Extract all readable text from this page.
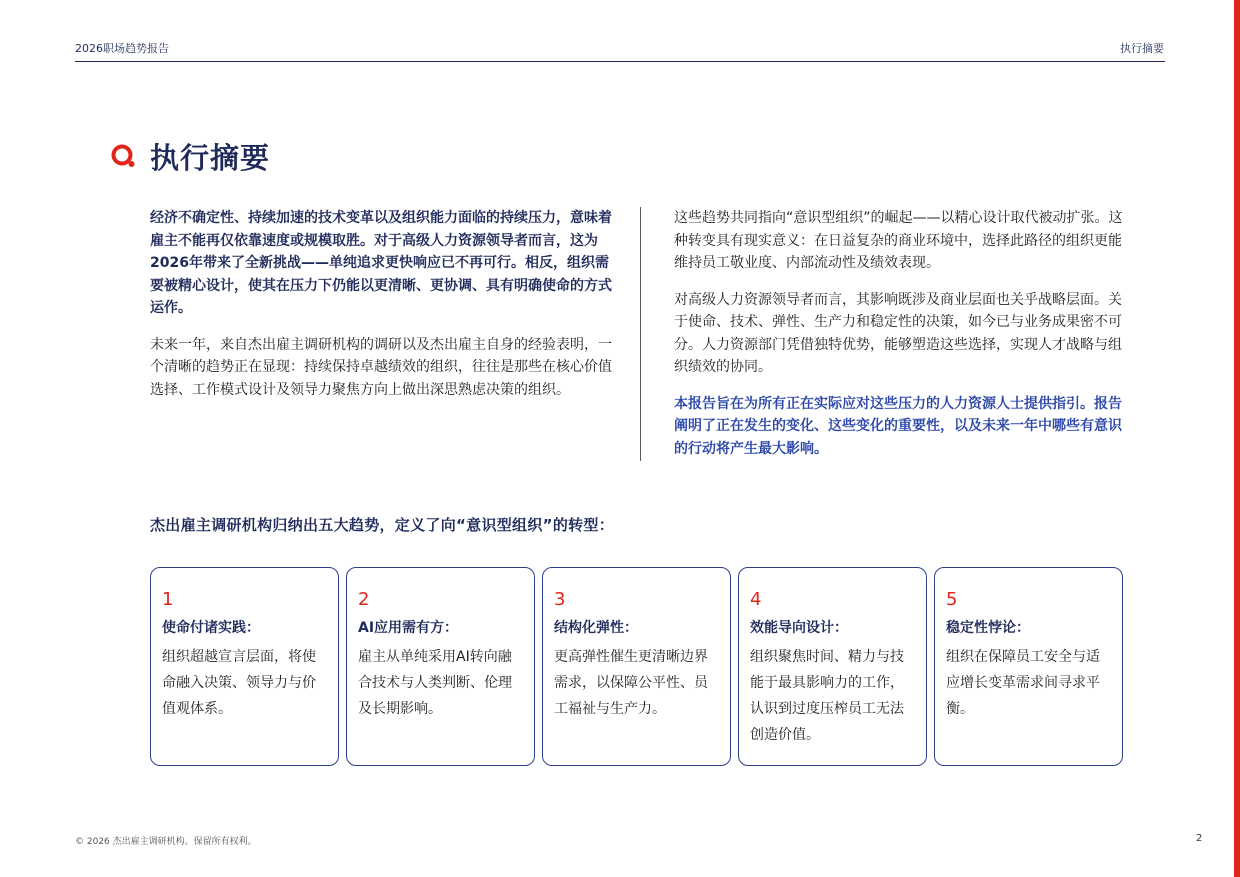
2026职场趋势报告	执行摘要
执行摘要

经济不确定性、持续加速的技术变革以及组织能力面临的持续压力，意味着雇主不能再仅依靠速度或规模取胜。对于高级人力资源领导者而言，这为2026年带来了全新挑战——单纯追求更快响应已不再可行。相反，组织需要被精心设计，使其在压力下仍能以更清晰、更协调、具有明确使命的方式运作。

未来一年，来自杰出雇主调研机构的调研以及杰出雇主自身的经验表明，一个清晰的趋势正在显现：持续保持卓越绩效的组织，往往是那些在核心价值选择、工作模式设计及领导力聚焦方向上做出深思熟虑决策的组织。

这些趋势共同指向“意识型组织”的崛起——以精心设计取代被动扩张。这种转变具有现实意义：在日益复杂的商业环境中，选择此路径的组织更能维持员工敬业度、内部流动性及绩效表现。

对高级人力资源领导者而言，其影响既涉及商业层面也关乎战略层面。关于使命、技术、弹性、生产力和稳定性的决策，如今已与业务成果密不可分。人力资源部门凭借独特优势，能够塑造这些选择，实现人才战略与组织绩效的协同。

本报告旨在为所有正在实际应对这些压力的人力资源人士提供指引。报告阐明了正在发生的变化、这些变化的重要性，以及未来一年中哪些有意识的行动将产生最大影响。

杰出雇主调研机构归纳出五大趋势，定义了向“意识型组织”的转型：
1
使命付诸实践：
组织超越宣言层面，将使命融入决策、领导力与价值观体系。
2
AI应用需有方：
雇主从单纯采用AI转向融合技术与人类判断、伦理及长期影响。
3
结构化弹性：
更高弹性催生更清晰边界需求，以保障公平性、员工福祉与生产力。
4
效能导向设计：
组织聚焦时间、精力与技能于最具影响力的工作，认识到过度压榨员工无法创造价值。
5
稳定性悖论：
组织在保障员工安全与适应增长变革需求间寻求平衡。
© 2026 杰出雇主调研机构。保留所有权利。	2
